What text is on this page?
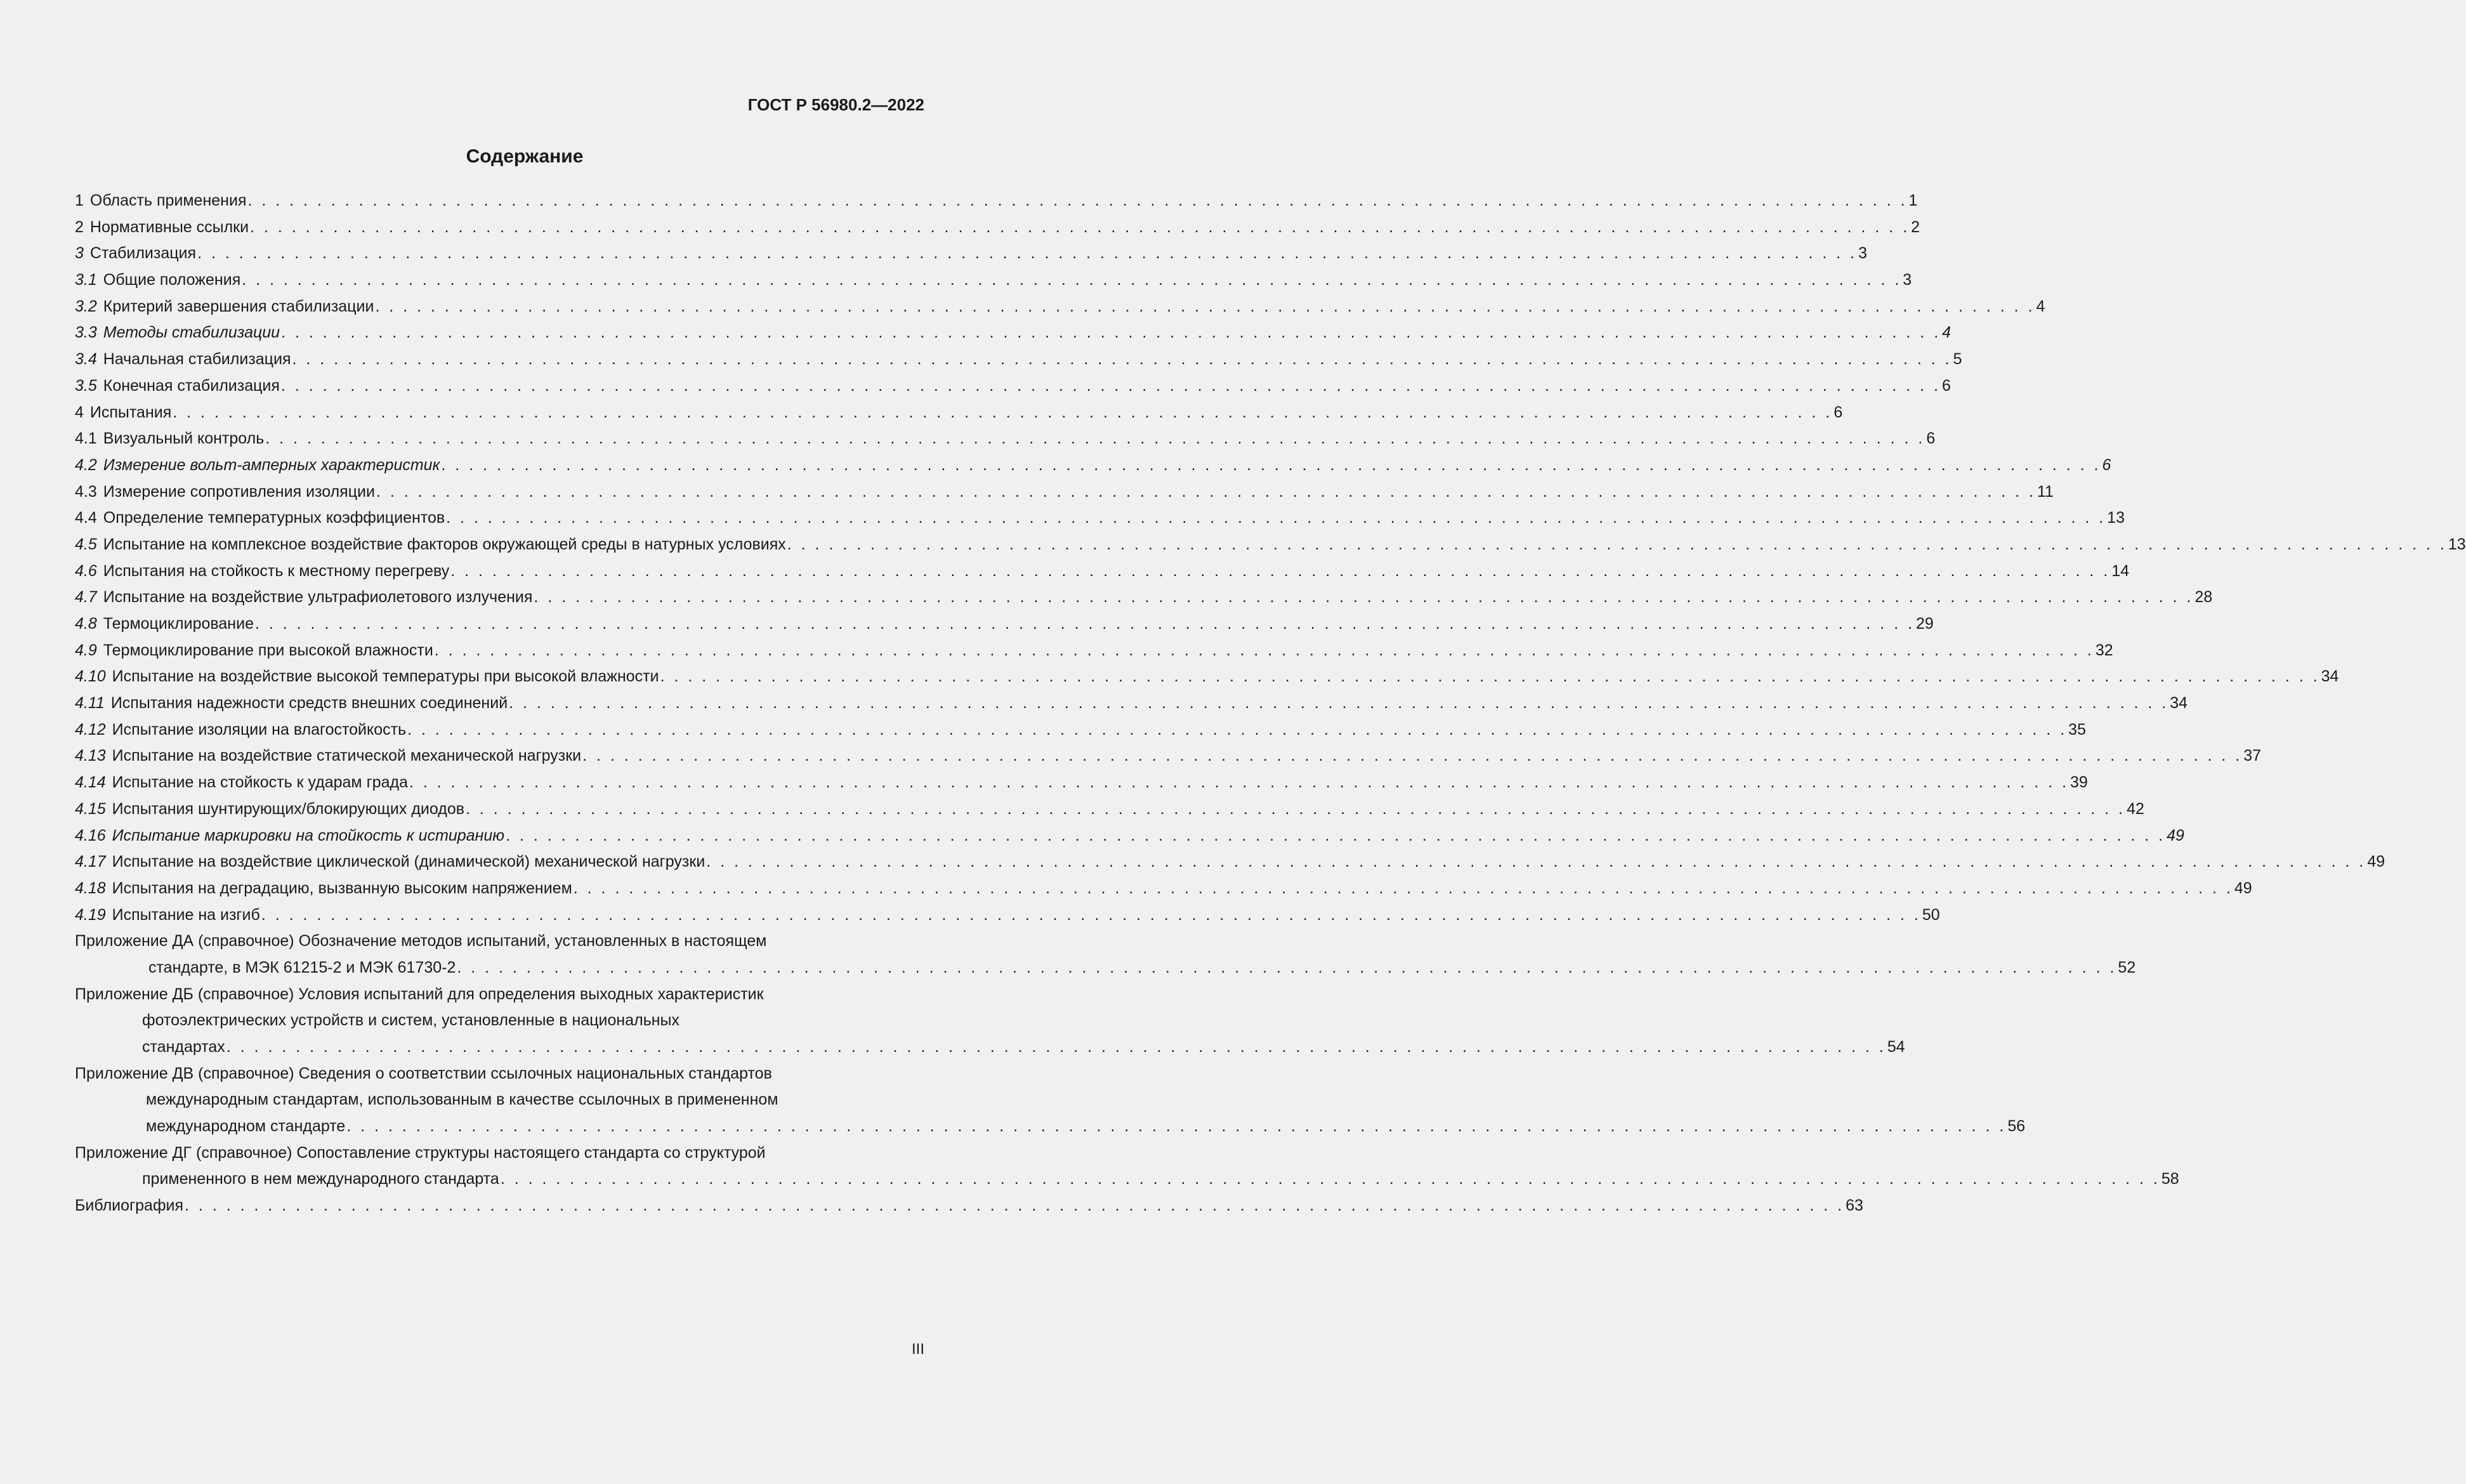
ГОСТ Р 56980.2—2022
Содержание
1 Область применения . . . . . . . . . . . . . . . . . . . . . . . . . . . . . . . . . . . . . . . . . . . . . . . . . . . . . . . . . . . . . . . . . . . . . . . . . . . . . . . . . . . . . . . . . . . . . . . . . . . . . . . . . . . . . . . . . . . . . . . . 1
2 Нормативные ссылки . . . . . . . . . . . . . . . . . . . . . . . . . . . . . . . . . . . . . . . . . . . . . . . . . . . . . . . . . . . . . . . . . . . . . . . . . . . . . . . . . . . . . . . . . . . . . . . . . . . . . . . . . . . . . . . . . . . . . . . . 2
3 Стабилизация . . . . . . . . . . . . . . . . . . . . . . . . . . . . . . . . . . . . . . . . . . . . . . . . . . . . . . . . . . . . . . . . . . . . . . . . . . . . . . . . . . . . . . . . . . . . . . . . . . . . . . . . . . . . . . . . . . . . . . . . 3
3.1 Общие положения . . . . . . . . . . . . . . . . . . . . . . . . . . . . . . . . . . . . . . . . . . . . . . . . . . . . . . . . . . . . . . . . . . . . . . . . . . . . . . . . . . . . . . . . . . . . . . . . . . . . . . . . . . . . . . . . . . . . . . . . 3
3.2 Критерий завершения стабилизации . . . . . . . . . . . . . . . . . . . . . . . . . . . . . . . . . . . . . . . . . . . . . . . . . . . . . . . . . . . . . . . . . . . . . . . . . . . . . . . . . . . . . . . . . . . . . . . . . . . . . . . . . . . . . . . . . . . . . . . . 4
3.3 Методы стабилизации . . . . . . . . . . . . . . . . . . . . . . . . . . . . . . . . . . . . . . . . . . . . . . . . . . . . . . . . . . . . . . . . . . . . . . . . . . . . . . . . . . . . . . . . . . . . . . . . . . . . . . . . . . . . . . . . . . . . . . . . 4
3.4 Начальная стабилизация . . . . . . . . . . . . . . . . . . . . . . . . . . . . . . . . . . . . . . . . . . . . . . . . . . . . . . . . . . . . . . . . . . . . . . . . . . . . . . . . . . . . . . . . . . . . . . . . . . . . . . . . . . . . . . . . . . . . . . . . 5
3.5 Конечная стабилизация . . . . . . . . . . . . . . . . . . . . . . . . . . . . . . . . . . . . . . . . . . . . . . . . . . . . . . . . . . . . . . . . . . . . . . . . . . . . . . . . . . . . . . . . . . . . . . . . . . . . . . . . . . . . . . . . . . . . . . . . 6
4 Испытания . . . . . . . . . . . . . . . . . . . . . . . . . . . . . . . . . . . . . . . . . . . . . . . . . . . . . . . . . . . . . . . . . . . . . . . . . . . . . . . . . . . . . . . . . . . . . . . . . . . . . . . . . . . . . . . . . . . . . . . . 6
4.1 Визуальный контроль . . . . . . . . . . . . . . . . . . . . . . . . . . . . . . . . . . . . . . . . . . . . . . . . . . . . . . . . . . . . . . . . . . . . . . . . . . . . . . . . . . . . . . . . . . . . . . . . . . . . . . . . . . . . . . . . . . . . . . . . 6
4.2 Измерение вольт-амперных характеристик . . . . . . . . . . . . . . . . . . . . . . . . . . . . . . . . . . . . . . . . . . . . . . . . . . . . . . . . . . . . . . . . . . . . . . . . . . . . . . . . . . . . . . . . . . . . . . . . . . . . . . . . . . . . . . . . . . . . . . . . 6
4.3 Измерение сопротивления изоляции . . . . . . . . . . . . . . . . . . . . . . . . . . . . . . . . . . . . . . . . . . . . . . . . . . . . . . . . . . . . . . . . . . . . . . . . . . . . . . . . . . . . . . . . . . . . . . . . . . . . . . . . . . . . . . . . . . . . . . . . 11
4.4 Определение температурных коэффициентов . . . . . . . . . . . . . . . . . . . . . . . . . . . . . . . . . . . . . . . . . . . . . . . . . . . . . . . . . . . . . . . . . . . . . . . . . . . . . . . . . . . . . . . . . . . . . . . . . . . . . . . . . . . . . . . . . . . . . . . . 13
4.5 Испытание на комплексное воздействие факторов окружающей среды в натурных условиях . . . . . . . . . . . . . . . . . . . . . . . . . . . . . . . . . . . . . . . . . . . . . . . . . . . . . . . . . . . . . . . . . . . . . . . . . . . . . . . . . . . . . . . . . . . . . . . . . . . . . . . . . . . . . . . . . . . . . . . . 13
4.6 Испытания на стойкость к местному перегреву . . . . . . . . . . . . . . . . . . . . . . . . . . . . . . . . . . . . . . . . . . . . . . . . . . . . . . . . . . . . . . . . . . . . . . . . . . . . . . . . . . . . . . . . . . . . . . . . . . . . . . . . . . . . . . . . . . . . . . . . 14
4.7 Испытание на воздействие ультрафиолетового излучения . . . . . . . . . . . . . . . . . . . . . . . . . . . . . . . . . . . . . . . . . . . . . . . . . . . . . . . . . . . . . . . . . . . . . . . . . . . . . . . . . . . . . . . . . . . . . . . . . . . . . . . . . . . . . . . . . . . . . . . . 28
4.8 Термоциклирование . . . . . . . . . . . . . . . . . . . . . . . . . . . . . . . . . . . . . . . . . . . . . . . . . . . . . . . . . . . . . . . . . . . . . . . . . . . . . . . . . . . . . . . . . . . . . . . . . . . . . . . . . . . . . . . . . . . . . . . . 29
4.9 Термоциклирование при высокой влажности . . . . . . . . . . . . . . . . . . . . . . . . . . . . . . . . . . . . . . . . . . . . . . . . . . . . . . . . . . . . . . . . . . . . . . . . . . . . . . . . . . . . . . . . . . . . . . . . . . . . . . . . . . . . . . . . . . . . . . . . 32
4.10 Испытание на воздействие высокой температуры при высокой влажности . . . . . . . . . . . . . . . . . . . . . . . . . . . . . . . . . . . . . . . . . . . . . . . . . . . . . . . . . . . . . . . . . . . . . . . . . . . . . . . . . . . . . . . . . . . . . . . . . . . . . . . . . . . . . . . . . . . . . . . . 34
4.11 Испытания надежности средств внешних соединений . . . . . . . . . . . . . . . . . . . . . . . . . . . . . . . . . . . . . . . . . . . . . . . . . . . . . . . . . . . . . . . . . . . . . . . . . . . . . . . . . . . . . . . . . . . . . . . . . . . . . . . . . . . . . . . . . . . . . . . . 34
4.12 Испытание изоляции на влагостойкость . . . . . . . . . . . . . . . . . . . . . . . . . . . . . . . . . . . . . . . . . . . . . . . . . . . . . . . . . . . . . . . . . . . . . . . . . . . . . . . . . . . . . . . . . . . . . . . . . . . . . . . . . . . . . . . . . . . . . . . . 35
4.13 Испытание на воздействие статической механической нагрузки . . . . . . . . . . . . . . . . . . . . . . . . . . . . . . . . . . . . . . . . . . . . . . . . . . . . . . . . . . . . . . . . . . . . . . . . . . . . . . . . . . . . . . . . . . . . . . . . . . . . . . . . . . . . . . . . . . . . . . . . 37
4.14 Испытание на стойкость к ударам града . . . . . . . . . . . . . . . . . . . . . . . . . . . . . . . . . . . . . . . . . . . . . . . . . . . . . . . . . . . . . . . . . . . . . . . . . . . . . . . . . . . . . . . . . . . . . . . . . . . . . . . . . . . . . . . . . . . . . . . . 39
4.15 Испытания шунтирующих/блокирующих диодов . . . . . . . . . . . . . . . . . . . . . . . . . . . . . . . . . . . . . . . . . . . . . . . . . . . . . . . . . . . . . . . . . . . . . . . . . . . . . . . . . . . . . . . . . . . . . . . . . . . . . . . . . . . . . . . . . . . . . . . . 42
4.16 Испытание маркировки на стойкость к истиранию . . . . . . . . . . . . . . . . . . . . . . . . . . . . . . . . . . . . . . . . . . . . . . . . . . . . . . . . . . . . . . . . . . . . . . . . . . . . . . . . . . . . . . . . . . . . . . . . . . . . . . . . . . . . . . . . . . . . . . . . 49
4.17 Испытание на воздействие циклической (динамической) механической нагрузки . . . . . . . . . . . . . . . . . . . . . . . . . . . . . . . . . . . . . . . . . . . . . . . . . . . . . . . . . . . . . . . . . . . . . . . . . . . . . . . . . . . . . . . . . . . . . . . . . . . . . . . . . . . . . . . . . . . . . . . . 49
4.18 Испытания на деградацию, вызванную высоким напряжением . . . . . . . . . . . . . . . . . . . . . . . . . . . . . . . . . . . . . . . . . . . . . . . . . . . . . . . . . . . . . . . . . . . . . . . . . . . . . . . . . . . . . . . . . . . . . . . . . . . . . . . . . . . . . . . . . . . . . . . . 49
4.19 Испытание на изгиб . . . . . . . . . . . . . . . . . . . . . . . . . . . . . . . . . . . . . . . . . . . . . . . . . . . . . . . . . . . . . . . . . . . . . . . . . . . . . . . . . . . . . . . . . . . . . . . . . . . . . . . . . . . . . . . . . . . . . . . . 50
Приложение ДА (справочное) Обозначение методов испытаний, установленных в настоящем
стандарте, в МЭК 61215-2 и МЭК 61730-2 . . . . . . . . . . . . . . . . . . . . . . . . . . . . . . . . . . . . . . . . . . . . . . . . . . . . . . . . . . . . . . . . . . . . . . . . . . . . . . . . . . . . . . . . . . . . . . . . . . . . . . . . . . . . . . . . . . . . . . . . 52
Приложение ДБ (справочное) Условия испытаний для определения выходных характеристик
фотоэлектрических устройств и систем, установленные в национальных
стандартах . . . . . . . . . . . . . . . . . . . . . . . . . . . . . . . . . . . . . . . . . . . . . . . . . . . . . . . . . . . . . . . . . . . . . . . . . . . . . . . . . . . . . . . . . . . . . . . . . . . . . . . . . . . . . . . . . . . . . . . . 54
Приложение ДВ (справочное) Сведения о соответствии ссылочных национальных стандартов
международным стандартам, использованным в качестве ссылочных в примененном
международном стандарте . . . . . . . . . . . . . . . . . . . . . . . . . . . . . . . . . . . . . . . . . . . . . . . . . . . . . . . . . . . . . . . . . . . . . . . . . . . . . . . . . . . . . . . . . . . . . . . . . . . . . . . . . . . . . . . . . . . . . . . . 56
Приложение ДГ (справочное) Сопоставление структуры настоящего стандарта со структурой
примененного в нем международного стандарта . . . . . . . . . . . . . . . . . . . . . . . . . . . . . . . . . . . . . . . . . . . . . . . . . . . . . . . . . . . . . . . . . . . . . . . . . . . . . . . . . . . . . . . . . . . . . . . . . . . . . . . . . . . . . . . . . . . . . . . . 58
Библиография . . . . . . . . . . . . . . . . . . . . . . . . . . . . . . . . . . . . . . . . . . . . . . . . . . . . . . . . . . . . . . . . . . . . . . . . . . . . . . . . . . . . . . . . . . . . . . . . . . . . . . . . . . . . . . . . . . . . . . . . 63
III
